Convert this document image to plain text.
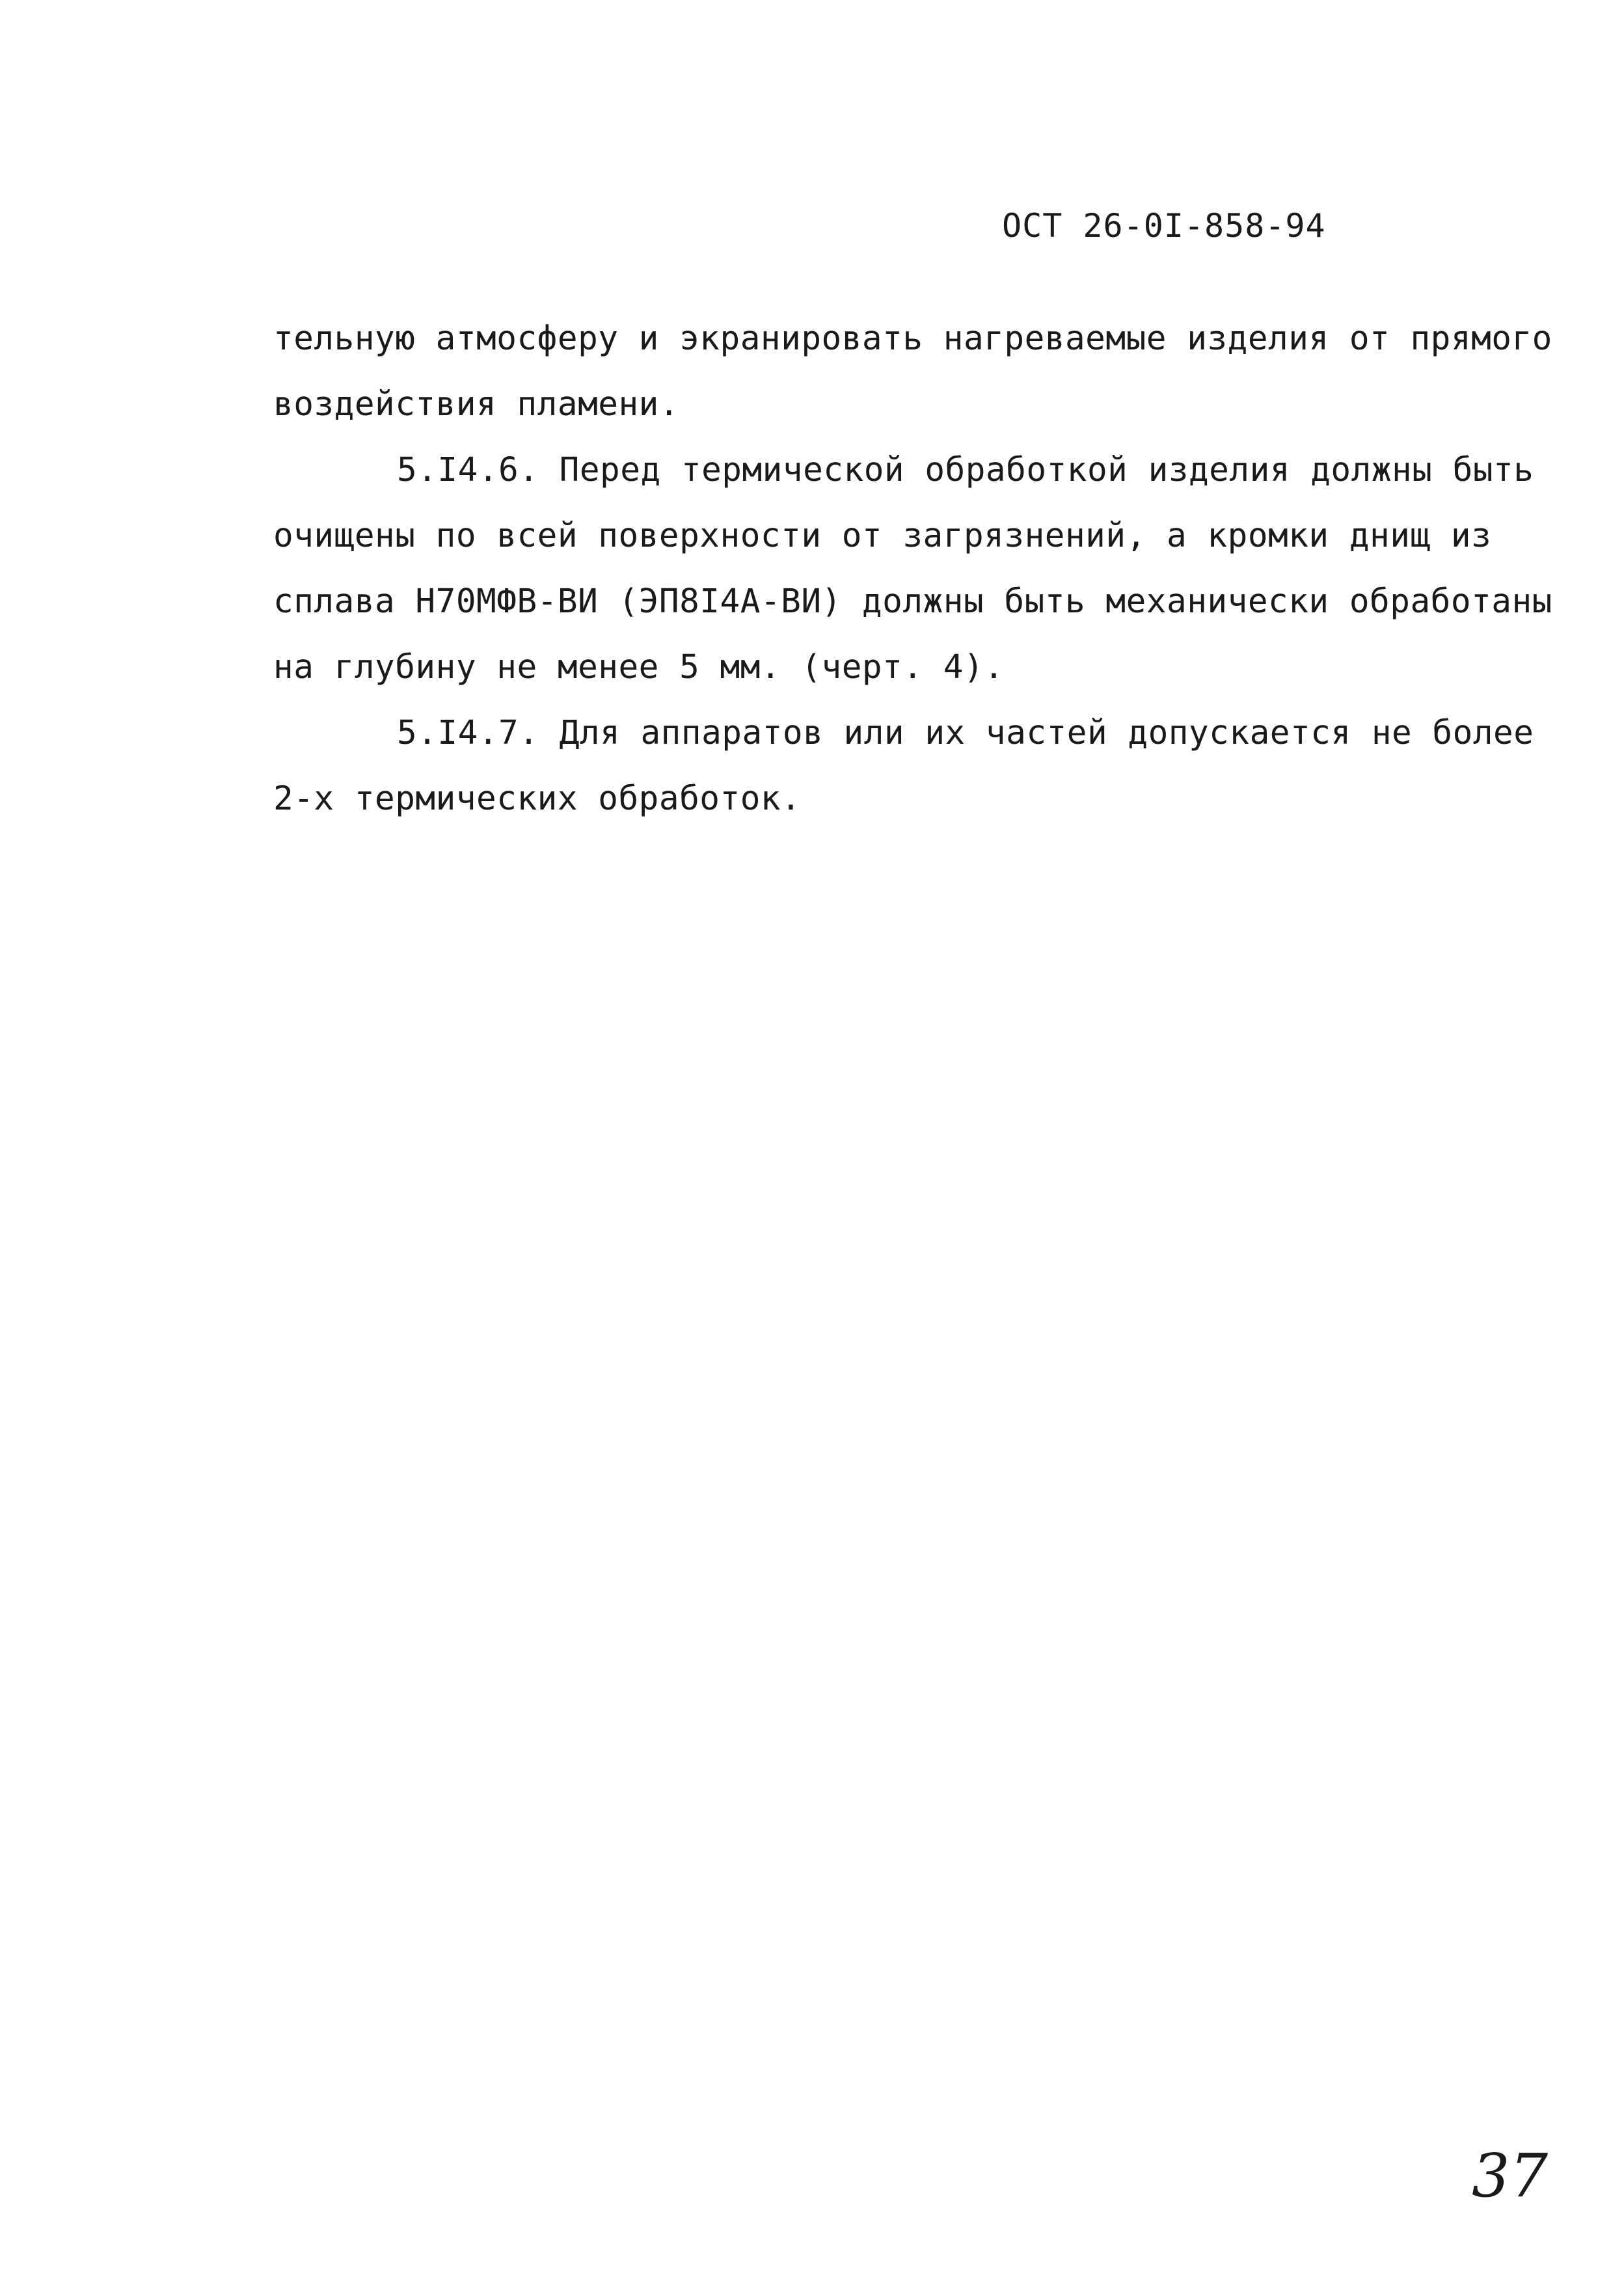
ОСТ 26-0I-858-94

тельную атмосферу и экранировать нагреваемые изделия от прямого

воздействия пламени.

5.I4.6. Перед термической обработкой изделия должны быть

очищены по всей поверхности от загрязнений, а кромки днищ из

сплава Н70МФВ-ВИ (ЭП8I4А-ВИ) должны быть механически обработаны

на глубину не менее 5 мм. (черт. 4).

5.I4.7. Для аппаратов или их частей допускается не более

2-х термических обработок.

37
